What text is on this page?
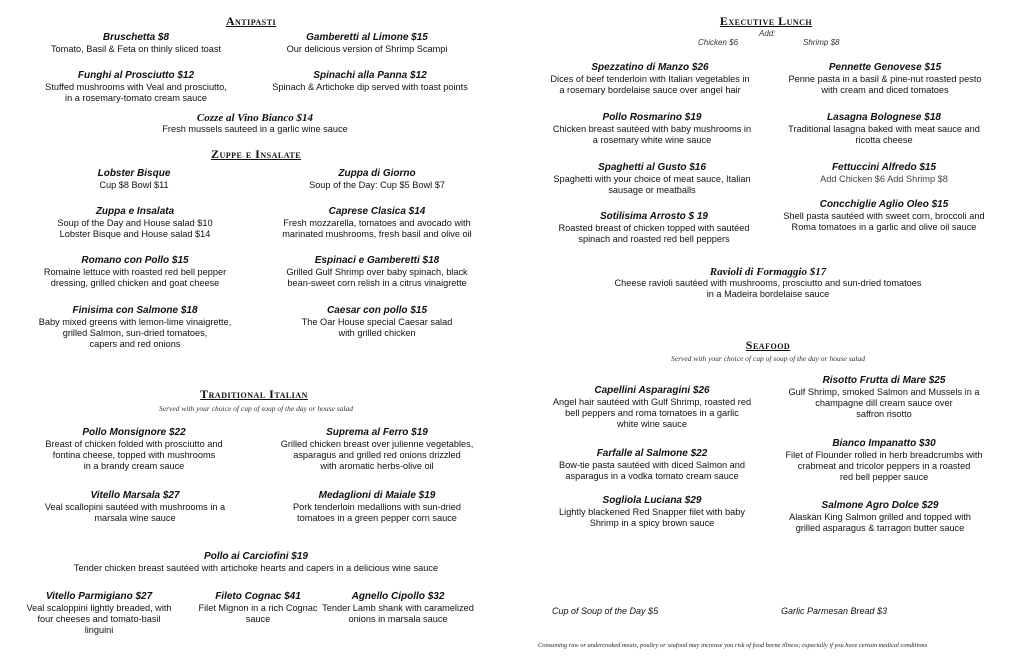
Antipasti
Bruschetta $8
Tomato, Basil & Feta on thinly sliced toast
Gamberetti al Limone $15
Our delicious version of Shrimp Scampi
Funghi al Prosciutto $12
Stuffed mushrooms with Veal and prosciutto,
in a rosemary-tomato cream sauce
Spinachi alla Panna $12
Spinach & Artichoke dip served with toast points
Cozze al Vino Bianco $14
Fresh mussels sauteed in a garlic wine sauce
Zuppe e Insalate
Lobster Bisque
Cup $8 Bowl $11
Zuppa di Giorno
Soup of the Day: Cup $5 Bowl $7
Zuppa e Insalata
Soup of the Day and House salad $10
Lobster Bisque and House salad $14
Caprese Clasica $14
Fresh mozzarella, tomatoes and avocado with
marinated mushrooms, fresh basil and olive oil
Romano con Pollo $15
Romaine lettuce with roasted red bell pepper
dressing, grilled chicken and goat cheese
Espinaci e Gamberetti $18
Grilled Gulf Shrimp over baby spinach, black
bean-sweet corn relish in a citrus vinaigrette
Finisima con Salmone $18
Baby mixed greens with lemon-lime vinaigrette,
grilled Salmon, sun-dried tomatoes,
capers and red onions
Caesar con pollo $15
The Oar House special Caesar salad
with grilled chicken
Traditional Italian
Served with your choice of cup of soup of the day or house salad
Pollo Monsignore $22
Breast of chicken folded with prosciutto and
fontina cheese, topped with mushrooms
in a brandy cream sauce
Suprema al Ferro $19
Grilled chicken breast over julienne vegetables,
asparagus and grilled red onions drizzled
with aromatic herbs-olive oil
Vitello Marsala $27
Veal scallopini sautéed with mushrooms in a
marsala wine sauce
Medaglioni di Maiale $19
Pork tenderloin medallions with sun-dried
tomatoes in a green pepper corn sauce
Pollo ai Carciofini $19
Tender chicken breast sautéed with artichoke hearts and capers in a delicious wine sauce
Vitello Parmigiano $27
Veal scaloppini lightly breaded, with
four cheeses and tomato-basil
linguini
Fileto Cognac $41
Filet Mignon in a rich Cognac
sauce
Agnello Cipollo $32
Tender Lamb shank with caramelized
onions in marsala sauce
Executive Lunch
Add:
Chicken $6	Shrimp $8
Spezzatino di Manzo $26
Dices of beef tenderloin with Italian vegetables in
a rosemary bordelaise sauce over angel hair
Pennette Genovese $15
Penne pasta in a basil & pine-nut roasted pesto
with cream and diced tomatoes
Pollo Rosmarino $19
Chicken breast sautéed with baby mushrooms in
a rosemary white wine sauce
Lasagna Bolognese $18
Traditional lasagna baked with meat sauce and
ricotta cheese
Spaghetti al Gusto $16
Spaghetti with your choice of meat sauce, Italian
sausage or meatballs
Fettuccini Alfredo $15
Add Chicken $6 Add Shrimp $8
Sotilisima Arrosto $ 19
Roasted breast of chicken topped with sautéed
spinach and roasted red bell peppers
Concchiglie Aglio Oleo $15
Shell pasta sautéed with sweet corn, broccoli and
Roma tomatoes in a garlic and olive oil sauce
Ravioli di Formaggio $17
Cheese ravioli sautéed with mushrooms, prosciutto and sun-dried tomatoes
in a Madeira bordelaise sauce
Seafood
Served with your choice of cup of soup of the day or house salad
Capellini Asparagini $26
Angel hair sautéed with Gulf Shrimp, roasted red
bell peppers and roma tomatoes in a garlic
white wine sauce
Risotto Frutta di Mare $25
Gulf Shrimp, smoked Salmon and Mussels in a
champagne dill cream sauce over
saffron risotto
Farfalle al Salmone $22
Bow-tie pasta sautéed with diced Salmon and
asparagus in a vodka tomato cream sauce
Bianco Impanatto $30
Filet of Flounder rolled in herb breadcrumbs with
crabmeat and tricolor peppers in a roasted
red bell pepper sauce
Sogliola Luciana $29
Lightly blackened Red Snapper filet with baby
Shrimp in a spicy brown sauce
Salmone Agro Dolce $29
Alaskan King Salmon grilled and topped with
grilled asparagus & tarragon butter sauce
Cup of Soup of the Day $5	Garlic Parmesan Bread $3
Consuming raw or undercooked meats, poultry or seafood may increase you risk of food borne illness; especially if you have certain medical conditions
